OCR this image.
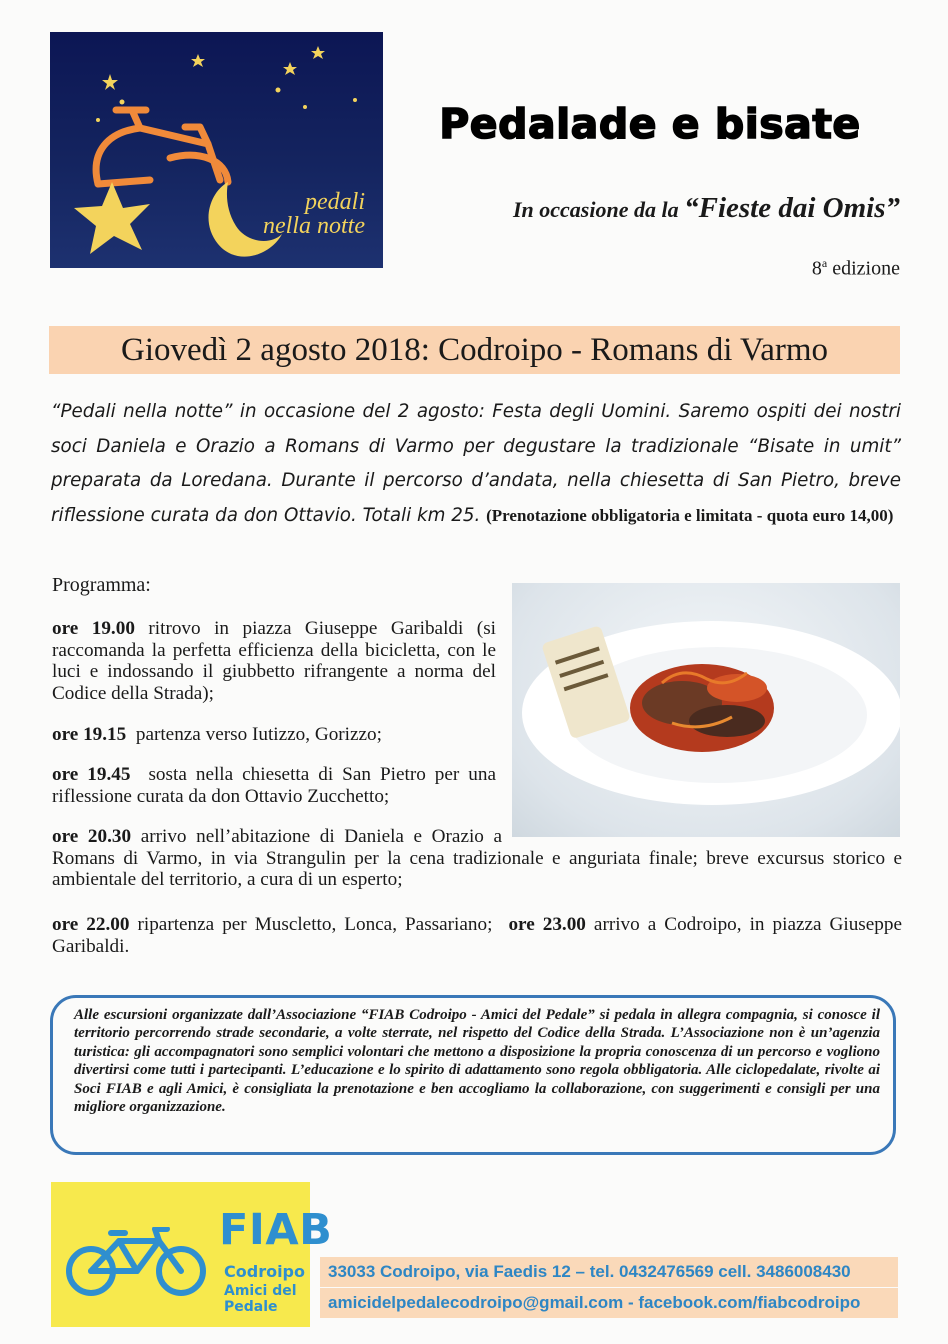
pedali
nella notte
Pedalade e bisate
In occasione da la “Fieste dai Omis”
8$^a$ edizione
Giovedì 2 agosto 2018: Codroipo - Romans di Varmo
“Pedali nella notte” in occasione del 2 agosto: Festa degli Uomini. Saremo ospiti dei nostri soci Daniela e Orazio a Romans di Varmo per degustare la tradizionale “Bisate in umit” preparata da Loredana. Durante il percorso d’andata, nella chiesetta di San Pietro, breve riflessione curata da don Ottavio. Totali km 25. (Prenotazione obbligatoria e limitata - quota euro 14,00)
Programma:
ore 19.00 ritrovo in piazza Giuseppe Garibaldi (si raccomanda la perfetta efficienza della bicicletta, con le luci e indossando il giubbetto rifrangente a norma del Codice della Strada);
ore 19.15 partenza verso Iutizzo, Gorizzo;
ore 19.45 sosta nella chiesetta di San Pietro per una riflessione curata da don Ottavio Zucchetto;
ore 20.30 arrivo nell’abitazione di Daniela e Orazio a Romans di Varmo, in via Strangulin per la cena tradizionale e anguriata finale; breve excursus storico e ambientale del territorio, a cura di un esperto;
ore 22.00 ripartenza per Muscletto, Lonca, Passariano; ore 23.00 arrivo a Codroipo, in piazza Giuseppe Garibaldi.
Alle escursioni organizzate dall’Associazione “FIAB Codroipo - Amici del Pedale” si pedala in allegra compagnia, si conosce il territorio percorrendo strade secondarie, a volte sterrate, nel rispetto del Codice della Strada. L’Associazione non è un’agenzia turistica: gli accompagnatori sono semplici volontari che mettono a disposizione la propria conoscenza di un percorso e vogliono divertirsi come tutti i partecipanti. L’educazione e lo spirito di adattamento sono regola obbligatoria. Alle ciclopedalate, rivolte ai Soci FIAB e agli Amici, è consigliata la prenotazione e ben accogliamo la collaborazione, con suggerimenti e consigli per una migliore organizzazione.
FIAB
Codroipo
Amici del Pedale
33033 Codroipo, via Faedis 12 – tel. 0432476569 cell. 3486008430
amicidelpedalecodroipo@gmail.com - facebook.com/fiabcodroipo
